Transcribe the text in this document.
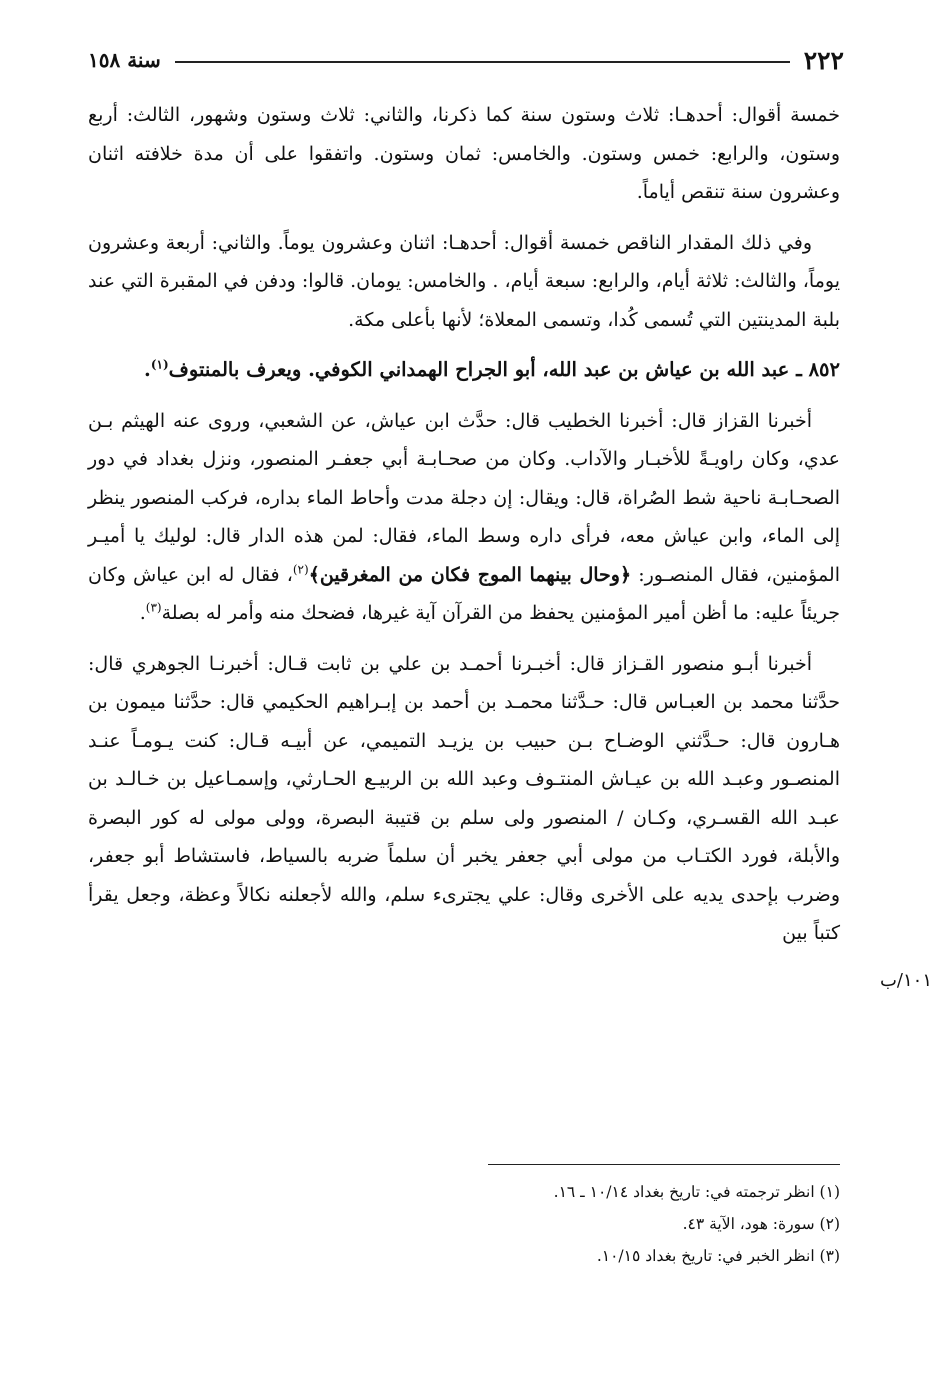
٢٢٢
سنة ١٥٨

خمسة أقوال: أحدهـا: ثلاث وستون سنة كما ذكرنا، والثاني: ثلاث وستون وشهور، الثالث: أربع وستون، والرابع: خمس وستون. والخامس: ثمان وستون. واتفقوا على أن مدة خلافته اثنان وعشرون سنة تنقص أياماً.

وفي ذلك المقدار الناقص خمسة أقوال: أحدهـا: اثنان وعشرون يوماً. والثاني: أربعة وعشرون يوماً، والثالث: ثلاثة أيام، والرابع: سبعة أيام، . والخامس: يومان. قالوا: ودفن في المقبرة التي عند بلبة المدينتين التي تُسمى كُدا، وتسمى المعلاة؛ لأنها بأعلى مكة.

٨٥٢ ـ عبد الله بن عياش بن عبد الله، أبو الجراح الهمداني الكوفي. ويعرف بالمنتوف$^{(١)}$.

أخبرنا القزاز قال: أخبرنا الخطيب قال: حدَّث ابن عياش، عن الشعبي، وروى عنه الهيثم بـن عدي، وكان راويـةً للأخبـار والآداب. وكان من صحـابـة أبي جعفـر المنصور، ونزل بغداد في دور الصحـابـة ناحية شط الصُراة، قال: ويقال: إن دجلة مدت وأحاط الماء بداره، فركب المنصور ينظر إلى الماء، وابن عياش معه، فرأى داره وسط الماء، فقال: لمن هذه الدار قال: لوليك يا أميـر المؤمنين، فقال المنصـور: ﴿وحال بينهما الموج فكان من المغرقين﴾$^{(٢)}$، فقال له ابن عياش وكان جريئاً عليه: ما أظن أمير المؤمنين يحفظ من القرآن آية غيرها، فضحك منه وأمر له بصلة$^{(٣)}$.

أخبرنا أبـو منصور القـزاز قال: أخبـرنا أحمـد بن علي بن ثابت قـال: أخبرنـا الجوهري قال: حدَّثنا محمد بن العبـاس قال: حـدَّثنا محمـد بن أحمد بن إبـراهيم الحكيمي قال: حدَّثنا ميمون بن هـارون قال: حـدَّثني الوضـاح بـن حبيب بن يزيـد التميمي، عن أبيـه قـال: كنت يـومـاً عنـد المنصـور وعبـد الله بن عيـاش المنتـوف وعبد الله بن الربيـع الحـارثي، وإسمـاعيل بن خـالـد بن عبـد الله القسـري، وكـان / المنصور ولى سلم بن قتيبة البصرة، وولى مولى له كور البصرة والأبلة، فورد الكتـاب من مولى أبي جعفر يخبر أن سلماً ضربه بالسياط، فاستشاط أبو جعفر، وضرب بإحدى يديه على الأخرى وقال: علي يجترىء سلم، والله لأجعلنه نكالاً وعظة، وجعل يقرأ كتباً بين

١٠١/ب
(١) انظر ترجمته في: تاريخ بغداد ١٠/١٤ ـ ١٦.
(٢) سورة: هود، الآية ٤٣.
(٣) انظر الخبر في: تاريخ بغداد ١٠/١٥.
